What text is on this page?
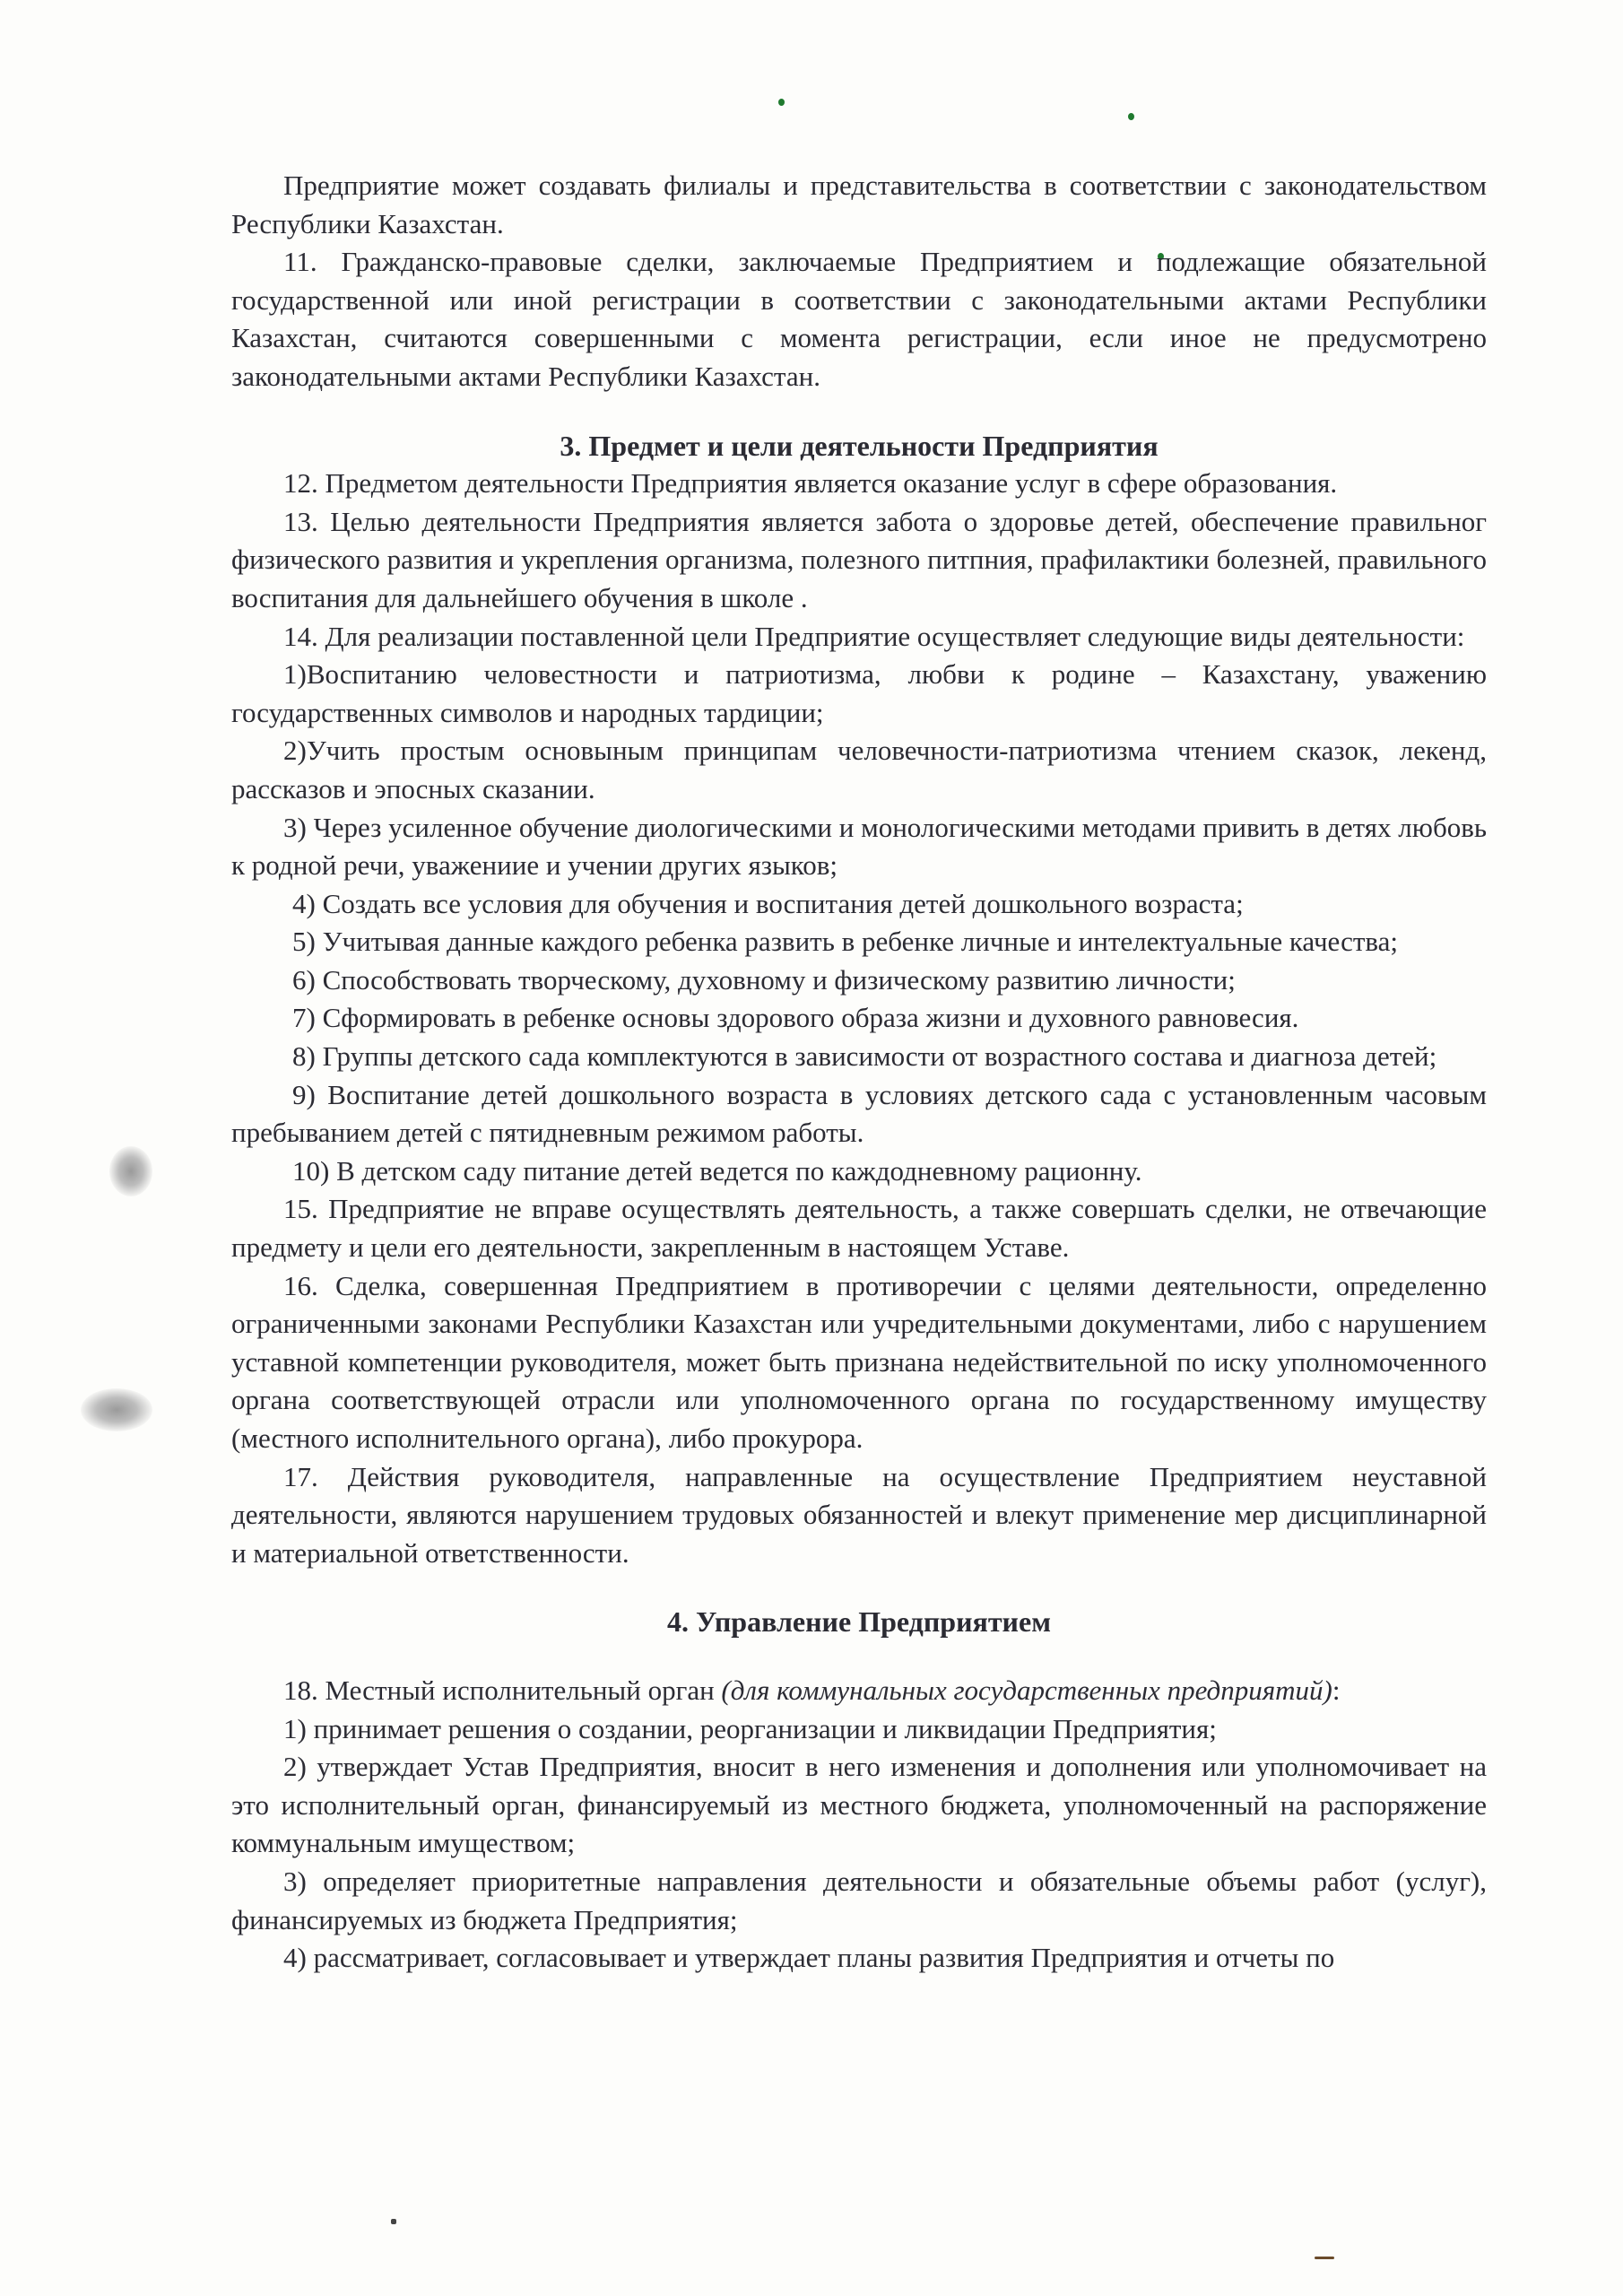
Предприятие может создавать филиалы и представительства в соответствии с законодательством Республики Казахстан.

11. Гражданско-правовые сделки, заключаемые Предприятием и подлежащие обязательной государственной или иной регистрации в соответствии с законодательными актами Республики Казахстан, считаются совершенными с момента регистрации, если иное не предусмотрено законодательными актами Республики Казахстан.

3. Предмет и цели деятельности Предприятия

12. Предметом деятельности Предприятия является оказание услуг в сфере образования.

13. Целью деятельности Предприятия является забота о здоровье детей, обеспечение правильног физического развития и укрепления организма, полезного питпния, прафилактики болезней, правильного воспитания для дальнейшего обучения в школе .

14. Для реализации поставленной цели Предприятие осуществляет следующие виды деятельности:

1)Воспитанию человестности и патриотизма, любви к родине – Казахстану, уважению государственных символов и народных тардиции;

2)Учить простым основыным принципам человечности-патриотизма чтением сказок, лекенд, рассказов и эпосных сказании.

3) Через усиленное обучение диологическими и монологическими методами привить в детях любовь к родной речи, уважениие и учении других языков;

4) Создать все условия для обучения и воспитания детей дошкольного возраста;

5) Учитывая данные каждого ребенка развить в ребенке личные и интелектуальные качества;

6) Способствовать творческому, духовному и физическому развитию личности;

7) Сформировать в ребенке основы здорового образа жизни и духовного равновесия.

8) Группы детского сада комплектуются в зависимости от возрастного состава и диагноза детей;

9) Воспитание детей дошкольного возраста в условиях детского сада с установленным часовым пребыванием детей с пятидневным режимом работы.

10) В детском саду питание детей ведется по каждодневному рационну.

15. Предприятие не вправе осуществлять деятельность, а также совершать сделки, не отвечающие предмету и цели его деятельности, закрепленным в настоящем Уставе.

16. Сделка, совершенная Предприятием в противоречии с целями деятельности, определенно ограниченными законами Республики Казахстан или учредительными документами, либо с нарушением уставной компетенции руководителя, может быть признана недействительной по иску уполномоченного органа соответствующей отрасли или уполномоченного органа по государственному имуществу (местного исполнительного органа), либо прокурора.

17. Действия руководителя, направленные на осуществление Предприятием неуставной деятельности, являются нарушением трудовых обязанностей и влекут применение мер дисциплинарной и материальной ответственности.

4. Управление Предприятием

18. Местный исполнительный орган (для коммунальных государственных предприятий):

1) принимает решения о создании, реорганизации и ликвидации Предприятия;

2) утверждает Устав Предприятия, вносит в него изменения и дополнения или уполномочивает на это исполнительный орган, финансируемый из местного бюджета, уполномоченный на распоряжение коммунальным имуществом;

3) определяет приоритетные направления деятельности и обязательные объемы работ (услуг), финансируемых из бюджета Предприятия;

4) рассматривает, согласовывает и утверждает планы развития Предприятия и отчеты по
